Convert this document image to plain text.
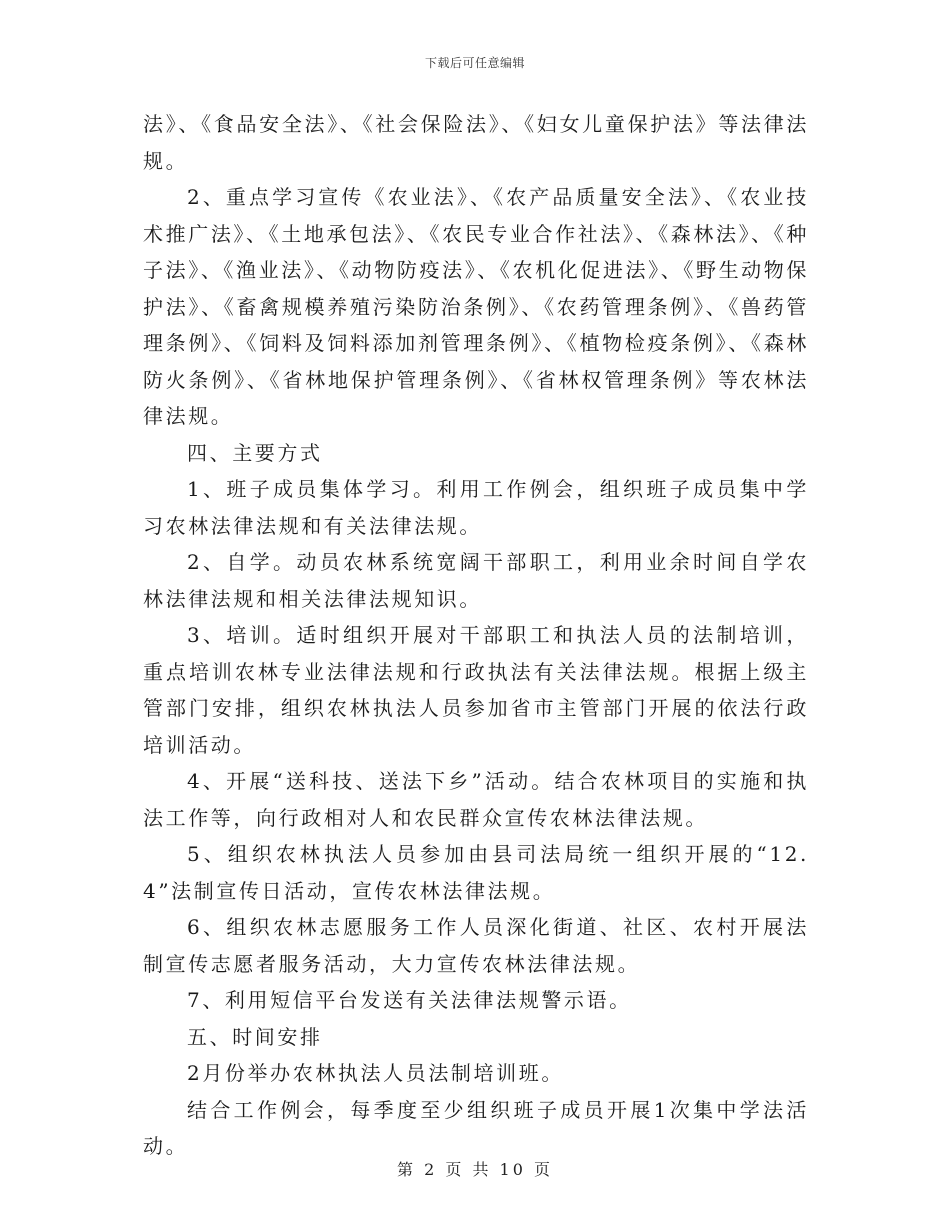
下载后可任意编辑

法》、《食品安全法》、《社会保险法》、《妇女儿童保护法》等法律法规。

2、重点学习宣传《农业法》、《农产品质量安全法》、《农业技术推广法》、《土地承包法》、《农民专业合作社法》、《森林法》、《种子法》、《渔业法》、《动物防疫法》、《农机化促进法》、《野生动物保护法》、《畜禽规模养殖污染防治条例》、《农药管理条例》、《兽药管理条例》、《饲料及饲料添加剂管理条例》、《植物检疫条例》、《森林防火条例》、《省林地保护管理条例》、《省林权管理条例》等农林法律法规。

四、主要方式

1、班子成员集体学习。利用工作例会，组织班子成员集中学习农林法律法规和有关法律法规。

2、自学。动员农林系统宽阔干部职工，利用业余时间自学农林法律法规和相关法律法规知识。

3、培训。适时组织开展对干部职工和执法人员的法制培训，重点培训农林专业法律法规和行政执法有关法律法规。根据上级主管部门安排，组织农林执法人员参加省市主管部门开展的依法行政培训活动。

4、开展“送科技、送法下乡”活动。结合农林项目的实施和执法工作等，向行政相对人和农民群众宣传农林法律法规。

5、组织农林执法人员参加由县司法局统一组织开展的“12.4”法制宣传日活动，宣传农林法律法规。

6、组织农林志愿服务工作人员深化街道、社区、农村开展法制宣传志愿者服务活动，大力宣传农林法律法规。

7、利用短信平台发送有关法律法规警示语。

五、时间安排

2月份举办农林执法人员法制培训班。

结合工作例会，每季度至少组织班子成员开展1次集中学法活动。

第 2 页 共 10 页
